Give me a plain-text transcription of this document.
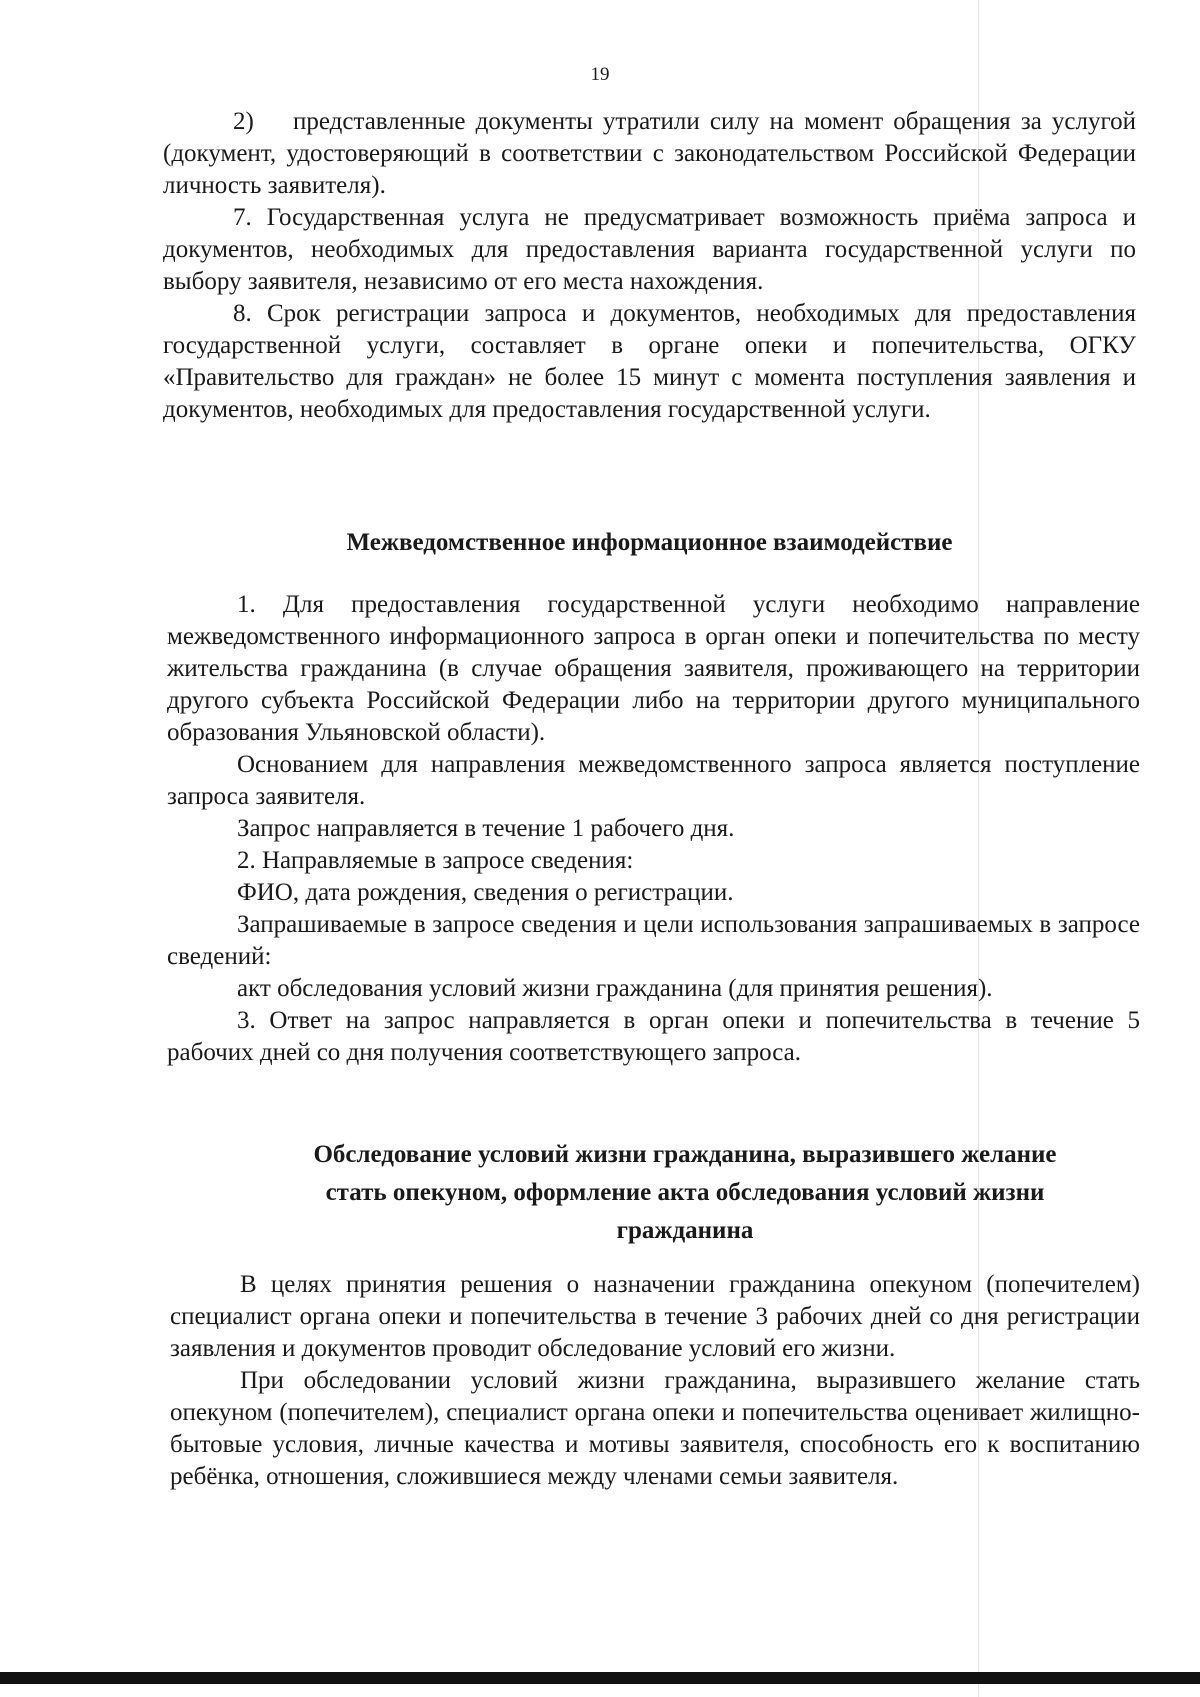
19

2) представленные документы утратили силу на момент обращения за услугой (документ, удостоверяющий в соответствии с законодательством Российской Федерации личность заявителя).

7. Государственная услуга не предусматривает возможность приёма запроса и документов, необходимых для предоставления варианта государственной услуги по выбору заявителя, независимо от его места нахождения.

8. Срок регистрации запроса и документов, необходимых для предоставления государственной услуги, составляет в органе опеки и попечительства, ОГКУ «Правительство для граждан» не более 15 минут с момента поступления заявления и документов, необходимых для предоставления государственной услуги.

Межведомственное информационное взаимодействие

1. Для предоставления государственной услуги необходимо направление межведомственного информационного запроса в орган опеки и попечительства по месту жительства гражданина (в случае обращения заявителя, проживающего на территории другого субъекта Российской Федерации либо на территории другого муниципального образования Ульяновской области).

Основанием для направления межведомственного запроса является поступление запроса заявителя.

Запрос направляется в течение 1 рабочего дня.

2. Направляемые в запросе сведения:

ФИО, дата рождения, сведения о регистрации.

Запрашиваемые в запросе сведения и цели использования запрашиваемых в запросе сведений:

акт обследования условий жизни гражданина (для принятия решения).

3. Ответ на запрос направляется в орган опеки и попечительства в течение 5 рабочих дней со дня получения соответствующего запроса.

Обследование условий жизни гражданина, выразившего желание
стать опекуном, оформление акта обследования условий жизни
гражданина

В целях принятия решения о назначении гражданина опекуном (попечителем) специалист органа опеки и попечительства в течение 3 рабочих дней со дня регистрации заявления и документов проводит обследование условий его жизни.

При обследовании условий жизни гражданина, выразившего желание стать опекуном (попечителем), специалист органа опеки и попечительства оценивает жилищно-бытовые условия, личные качества и мотивы заявителя, способность его к воспитанию ребёнка, отношения, сложившиеся между членами семьи заявителя.
